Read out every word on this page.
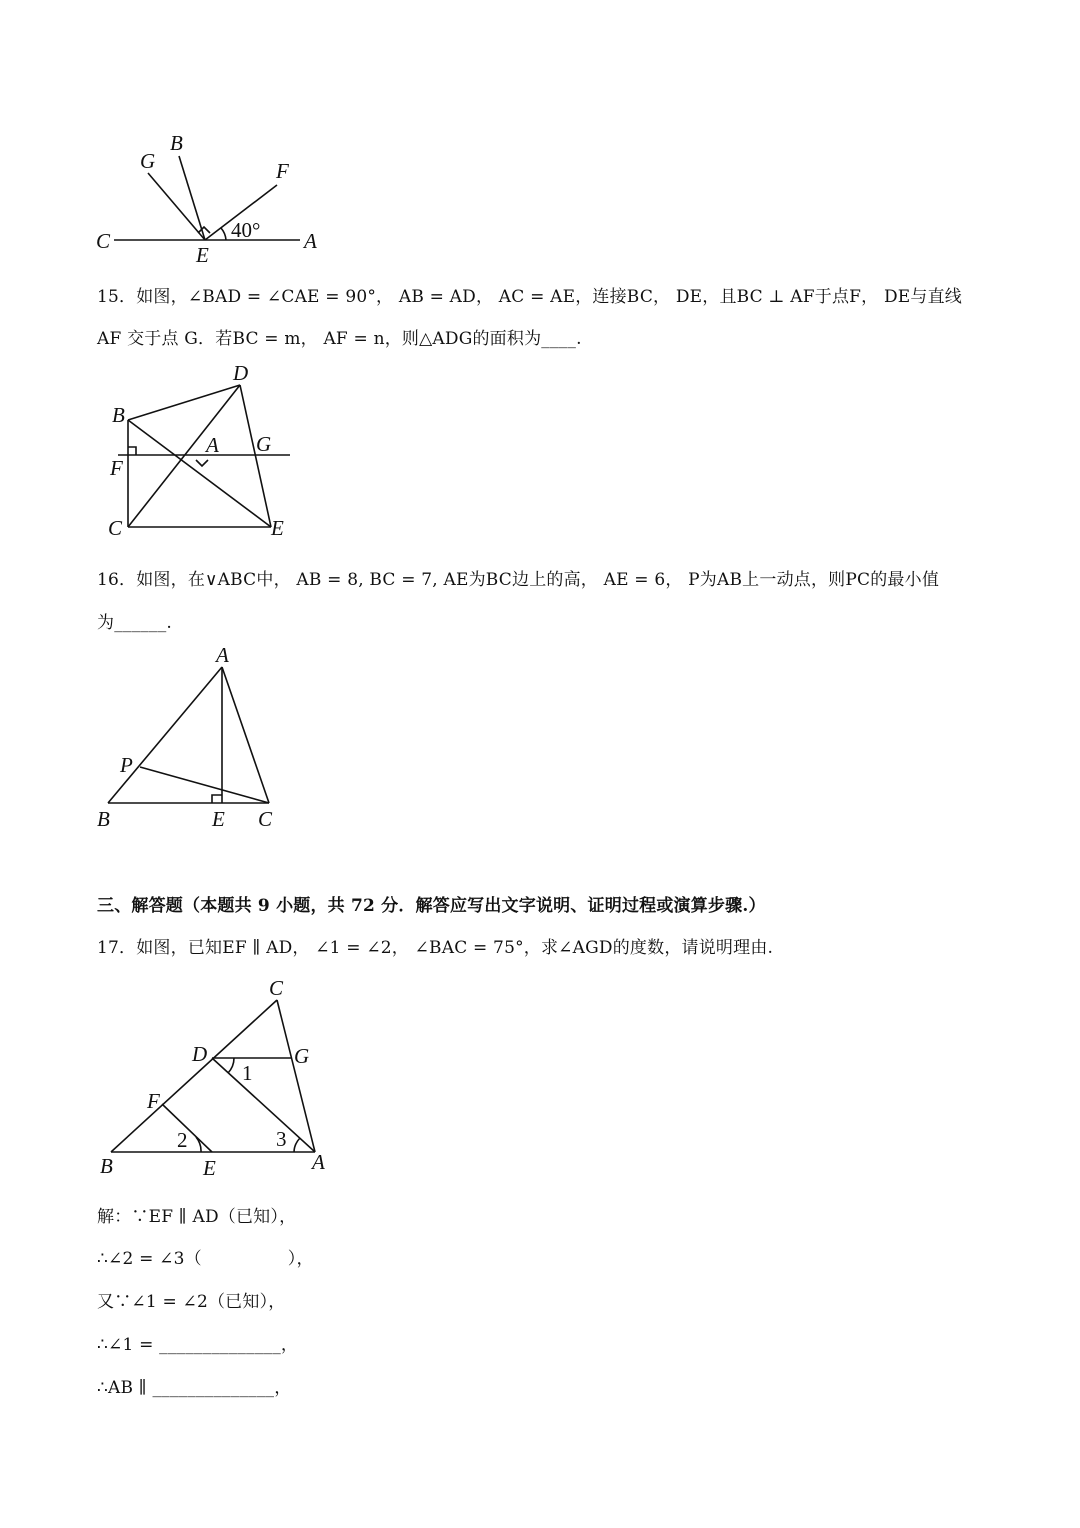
G
B
F
C
E
A
40°
15．如图，∠BAD = ∠CAE = 90°， AB = AD， AC = AE，连接BC， DE，且BC ⊥ AF于点F， DE与直线
AF 交于点 G．若BC = m， AF = n，则△ADG的面积为____.
D
B
A G
F
C	E
16．如图，在∨ABC中， AB = 8, BC = 7, AE为BC边上的高， AE = 6， P为AB上一动点，则PC的最小值
为______.
A
P
B	E C
三、解答题（本题共 9 小题，共 72 分．解答应写出文字说明、证明过程或演算步骤.）
17．如图，已知EF ∥ AD， ∠1 = ∠2， ∠BAC = 75°，求∠AGD的度数，请说明理由.
C
D	G
1
F
2	3
B	E	A
解：∵EF ∥ AD（已知），
∴∠2 = ∠3（　　　　　），
又∵∠1 = ∠2（已知），
∴∠1 = ______________，
∴AB ∥ ______________，
